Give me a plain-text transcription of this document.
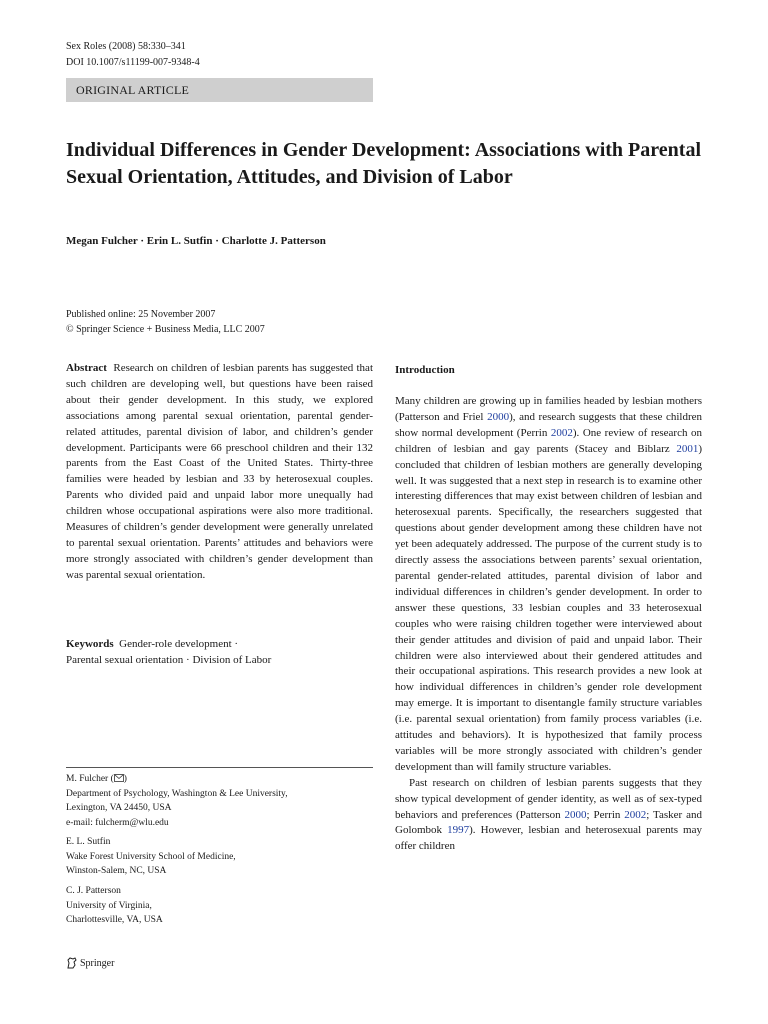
Sex Roles (2008) 58:330–341
DOI 10.1007/s11199-007-9348-4
ORIGINAL ARTICLE
Individual Differences in Gender Development: Associations with Parental Sexual Orientation, Attitudes, and Division of Labor
Megan Fulcher · Erin L. Sutfin · Charlotte J. Patterson
Published online: 25 November 2007
© Springer Science + Business Media, LLC 2007
Abstract Research on children of lesbian parents has suggested that such children are developing well, but questions have been raised about their gender development. In this study, we explored associations among parental sexual orientation, parental gender-related attitudes, parental division of labor, and children’s gender development. Participants were 66 preschool children and their 132 parents from the East Coast of the United States. Thirty-three families were headed by lesbian and 33 by heterosexual couples. Parents who divided paid and unpaid labor more unequally had children whose occupational aspirations were also more traditional. Measures of children’s gender development were generally unrelated to parental sexual orientation. Parents’ attitudes and behaviors were more strongly associated with children’s gender development than was parental sexual orientation.
Keywords Gender-role development ·
Parental sexual orientation · Division of Labor
M. Fulcher ( )
Department of Psychology, Washington & Lee University,
Lexington, VA 24450, USA
e-mail: fulcherm@wlu.edu
E. L. Sutfin
Wake Forest University School of Medicine,
Winston-Salem, NC, USA
C. J. Patterson
University of Virginia,
Charlottesville, VA, USA
Introduction

Many children are growing up in families headed by lesbian mothers (Patterson and Friel 2000), and research suggests that these children show normal development (Perrin 2002). One review of research on children of lesbian and gay parents (Stacey and Biblarz 2001) concluded that children of lesbian mothers are generally developing well. It was suggested that a next step in research is to examine other interesting differences that may exist between children of lesbian and heterosexual parents. Specifically, the researchers suggested that questions about gender development among these children have not yet been adequately addressed. The purpose of the current study is to directly assess the associations between parents’ sexual orientation, parental gender-related attitudes, parental division of labor and individual differences in children’s gender development. In order to answer these questions, 33 lesbian couples and 33 heterosexual couples who were raising children together were interviewed about their gender attitudes and division of paid and unpaid labor. Their children were also interviewed about their gendered attitudes and their occupational aspirations. This research provides a new look at how individual differences in children’s gender role development may emerge. It is important to disentangle family structure variables (i.e. parental sexual orientation) from family process variables (i.e. attitudes and behaviors). It is hypothesized that family process variables will be more strongly associated with children’s gender development than will family structure variables.

Past research on children of lesbian parents suggests that they show typical development of gender identity, as well as of sex-typed behaviors and preferences (Patterson 2000; Perrin 2002; Tasker and Golombok 1997). However, lesbian and heterosexual parents may offer children

Springer
